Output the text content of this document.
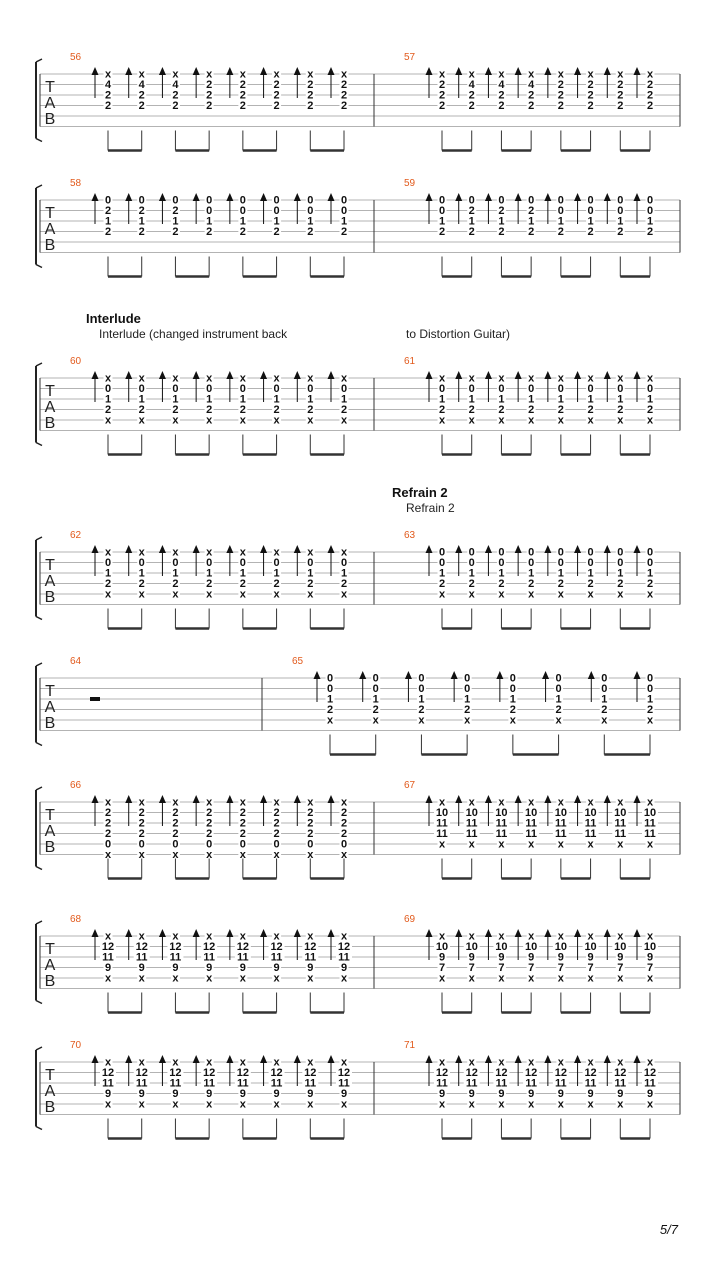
T
A
B
56
x
4
2
2
x
4
2
2
x
4
2
2
x
2
2
2
x
2
2
2
x
2
2
2
x
2
2
2
x
2
2
2
57
x
2
2
2
x
4
2
2
x
4
2
2
x
4
2
2
x
2
2
2
x
2
2
2
x
2
2
2
x
2
2
2
T
A
B
58
0
2
1
2
0
2
1
2
0
2
1
2
0
0
1
2
0
0
1
2
0
0
1
2
0
0
1
2
0
0
1
2
59
0
0
1
2
0
2
1
2
0
2
1
2
0
2
1
2
0
0
1
2
0
0
1
2
0
0
1
2
0
0
1
2
T
A
B
60
x
0
1
2
x
x
0
1
2
x
x
0
1
2
x
x
0
1
2
x
x
0
1
2
x
x
0
1
2
x
x
0
1
2
x
x
0
1
2
x
61
x
0
1
2
x
x
0
1
2
x
x
0
1
2
x
x
0
1
2
x
x
0
1
2
x
x
0
1
2
x
x
0
1
2
x
x
0
1
2
x
T
A
B
62
x
0
1
2
x
x
0
1
2
x
x
0
1
2
x
x
0
1
2
x
x
0
1
2
x
x
0
1
2
x
x
0
1
2
x
x
0
1
2
x
63
0
0
1
2
x
0
0
1
2
x
0
0
1
2
x
0
0
1
2
x
0
0
1
2
x
0
0
1
2
x
0
0
1
2
x
0
0
1
2
x
T
A
B
64	65
0
0
1
2
x
0
0
1
2
x
0
0
1
2
x
0
0
1
2
x
0
0
1
2
x
0
0
1
2
x
0
0
1
2
x
0
0
1
2
x
T
A
B
66
x
2
2
2
0
x
x
2
2
2
0
x
x
2
2
2
0
x
x
2
2
2
0
x
x
2
2
2
0
x
x
2
2
2
0
x
x
2
2
2
0
x
x
2
2
2
0
x
67
x
10
11
11
x
x
10
11
11
x
x
10
11
11
x
x
10
11
11
x
x
10
11
11
x
x
10
11
11
x
x
10
11
11
x
x
10
11
11
x
T
A
B
68
x
12
11
9
x
x
12
11
9
x
x
12
11
9
x
x
12
11
9
x
x
12
11
9
x
x
12
11
9
x
x
12
11
9
x
x
12
11
9
x
69
x
10
9
7
x
x
10
9
7
x
x
10
9
7
x
x
10
9
7
x
x
10
9
7
x
x
10
9
7
x
x
10
9
7
x
x
10
9
7
x
T
A
B
70
x
12
11
9
x
x
12
11
9
x
x
12
11
9
x
x
12
11
9
x
x
12
11
9
x
x
12
11
9
x
x
12
11
9
x
x
12
11
9
x
71
x
12
11
9
x
x
12
11
9
x
x
12
11
9
x
x
12
11
9
x
x
12
11
9
x
x
12
11
9
x
x
12
11
9
x
x
12
11
9
x
Interlude
Interlude (changed instrument back	to Distortion Guitar)
Refrain 2
Refrain 2
5/7
